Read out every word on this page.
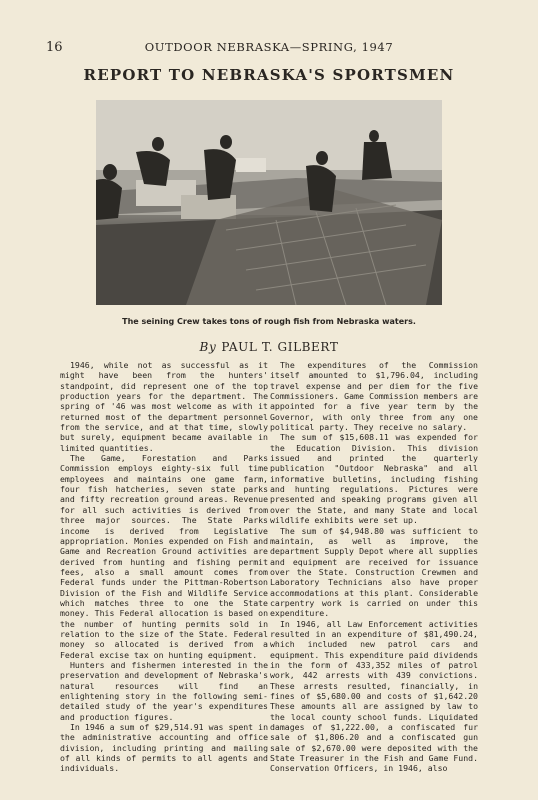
16	OUTDOOR NEBRASKA—SPRING, 1947
REPORT TO NEBRASKA'S SPORTSMEN
The seining Crew takes tons of rough fish from Nebraska waters.
By PAUL T. GILBERT

1946, while not as successful as it might have been from the hunters' standpoint, did represent one of the top production years for the department. The spring of '46 was most welcome as with it returned most of the department personnel from the service, and at that time, slowly but surely, equipment became available in limited quantities.

The Game, Forestation and Parks Commission employs eighty-six full time employees and maintains one game farm, four fish hatcheries, seven state parks and fifty recreation ground areas. Revenue for all such activities is derived from three major sources. The State Parks income is derived from Legislative appropriation. Monies expended on Fish and Game and Recreation Ground activities are derived from hunting and fishing permit fees, also a small amount comes from Federal funds under the Pittman-Robertson Division of the Fish and Wildlife Service which matches three to one the State money. This Federal allocation is based on the number of hunting permits sold in relation to the size of the State. Federal money so allocated is derived from a Federal excise tax on hunting equipment.

Hunters and fishermen interested in the preservation and development of Nebraska's natural resources will find an enlightening story in the following semi-detailed study of the year's expenditures and production figures.

In 1946 a sum of $29,514.91 was spent in the administrative accounting and office division, including printing and mailing of all kinds of permits to all agents and individuals.

The expenditures of the Commission itself amounted to $1,796.04, including travel expense and per diem for the five Commissioners. Game Commission members are appointed for a five year term by the Governor, with only three from any one political party. They receive no salary.

The sum of $15,608.11 was expended for the Education Division. This division issued and printed the quarterly publication "Outdoor Nebraska" and all informative bulletins, including fishing and hunting regulations. Pictures were presented and speaking programs given all over the State, and many State and local wildlife exhibits were set up.

The sum of $4,948.80 was sufficient to maintain, as well as improve, the department Supply Depot where all supplies and equipment are received for issuance over the State. Construction Crewmen and Laboratory Technicians also have proper accommodations at this plant. Considerable carpentry work is carried on under this expenditure.

In 1946, all Law Enforcement activities resulted in an expenditure of $81,490.24, which included new patrol cars and equipment. This expenditure paid dividends in the form of 433,352 miles of patrol work, 442 arrests with 439 convictions. These arrests resulted, financially, in fines of $5,680.00 and costs of $1,642.20 These amounts all are assigned by law to the local county school funds. Liquidated damages of $1,222.00, a confiscated fur sale of $1,806.20 and a confiscated gun sale of $2,670.00 were deposited with the State Treasurer in the Fish and Game Fund. Conservation Officers, in 1946, also
